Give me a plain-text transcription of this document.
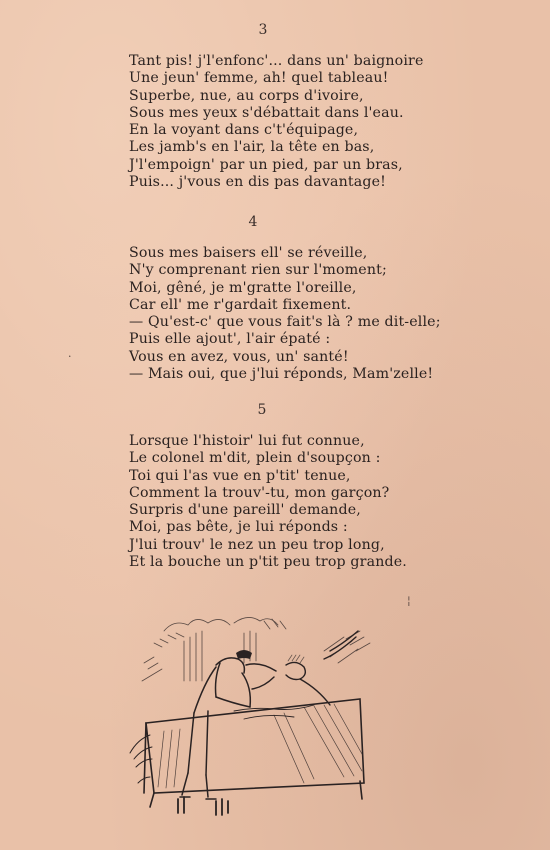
3
Tant pis! j'l'enfonc'... dans un' baignoire
Une jeun' femme, ah! quel tableau!
Superbe, nue, au corps d'ivoire,
Sous mes yeux s'débattait dans l'eau.
En la voyant dans c't'équipage,
Les jamb's en l'air, la tête en bas,
J'l'empoign' par un pied, par un bras,
Puis... j'vous en dis pas davantage!
4
Sous mes baisers ell' se réveille,
N'y comprenant rien sur l'moment;
Moi, gêné, je m'gratte l'oreille,
Car ell' me r'gardait fixement.
— Qu'est-c' que vous fait's là ? me dit-elle;
Puis elle ajout', l'air épaté :
Vous en avez, vous, un' santé!
— Mais oui, que j'lui réponds, Mam'zelle!
5
Lorsque l'histoir' lui fut connue,
Le colonel m'dit, plein d'soupçon :
Toi qui l'as vue en p'tit' tenue,
Comment la trouv'-tu, mon garçon?
Surpris d'une pareill' demande,
Moi, pas bête, je lui réponds :
J'lui trouv' le nez un peu trop long,
Et la bouche un p'tit peu trop grande.
¦
·
